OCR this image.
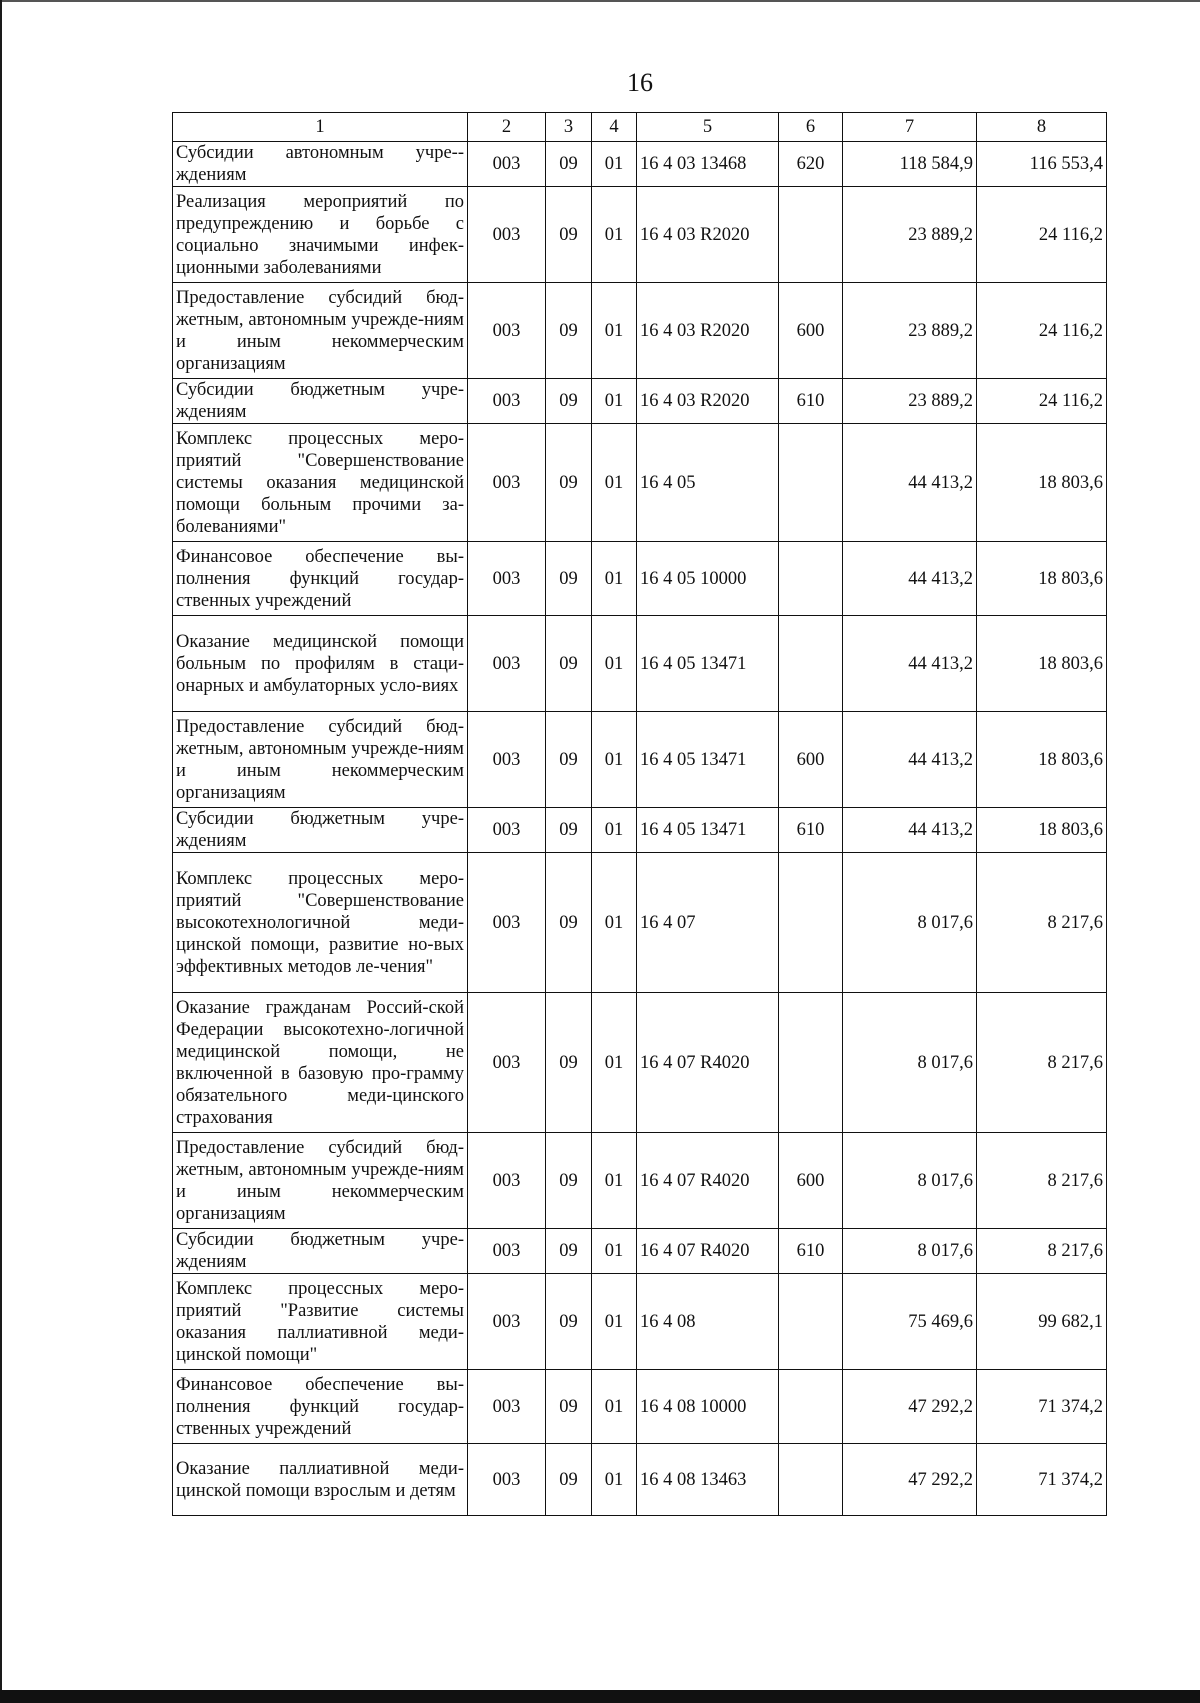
16
1	2	3	4	5	6	7	8
Субсидии автономным учре-ждениям	003	09	01	16 4 03 13468	620	118 584,9	116 553,4
Реализация мероприятий по предупреждению и борьбе с социально значимыми инфек-ционными заболеваниями	003	09	01	16 4 03 R2020		23 889,2	24 116,2
Предоставление субсидий бюд-жетным, автономным учрежде-ниям и иным некоммерческим организациям	003	09	01	16 4 03 R2020	600	23 889,2	24 116,2
Субсидии бюджетным учре-ждениям	003	09	01	16 4 03 R2020	610	23 889,2	24 116,2
Комплекс процессных меро-приятий "Совершенствование системы оказания медицинской помощи больным прочими за-болеваниями"	003	09	01	16 4 05		44 413,2	18 803,6
Финансовое обеспечение вы-полнения функций государ-ственных учреждений	003	09	01	16 4 05 10000		44 413,2	18 803,6
Оказание медицинской помощи больным по профилям в стаци-онарных и амбулаторных усло-виях	003	09	01	16 4 05 13471		44 413,2	18 803,6
Предоставление субсидий бюд-жетным, автономным учрежде-ниям и иным некоммерческим организациям	003	09	01	16 4 05 13471	600	44 413,2	18 803,6
Субсидии бюджетным учре-ждениям	003	09	01	16 4 05 13471	610	44 413,2	18 803,6
Комплекс процессных меро-приятий "Совершенствование высокотехнологичной меди-цинской помощи, развитие но-вых эффективных методов ле-чения"	003	09	01	16 4 07		8 017,6	8 217,6
Оказание гражданам Россий-ской Федерации высокотехно-логичной медицинской помощи, не включенной в базовую про-грамму обязательного меди-цинского страхования	003	09	01	16 4 07 R4020		8 017,6	8 217,6
Предоставление субсидий бюд-жетным, автономным учрежде-ниям и иным некоммерческим организациям	003	09	01	16 4 07 R4020	600	8 017,6	8 217,6
Субсидии бюджетным учре-ждениям	003	09	01	16 4 07 R4020	610	8 017,6	8 217,6
Комплекс процессных меро-приятий "Развитие системы оказания паллиативной меди-цинской помощи"	003	09	01	16 4 08		75 469,6	99 682,1
Финансовое обеспечение вы-полнения функций государ-ственных учреждений	003	09	01	16 4 08 10000		47 292,2	71 374,2
Оказание паллиативной меди-цинской помощи взрослым и детям	003	09	01	16 4 08 13463		47 292,2	71 374,2
